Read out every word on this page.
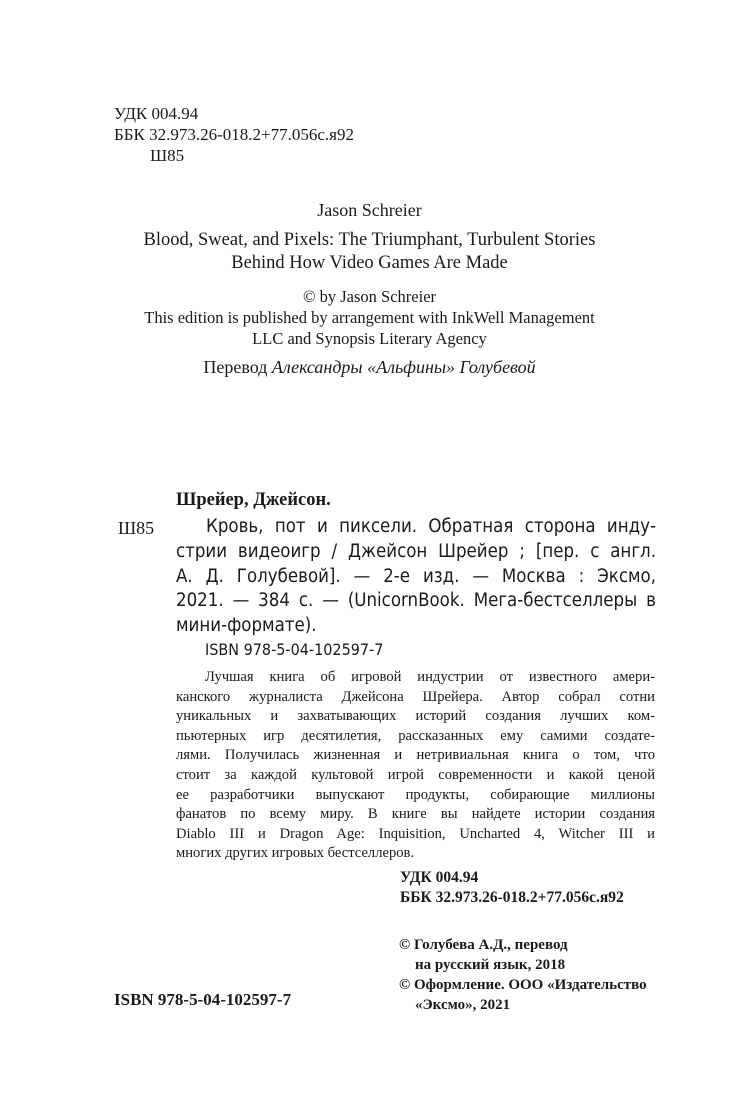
УДК 004.94
ББК 32.973.26-018.2+77.056с.я92
Ш85
Jason Schreier
Blood, Sweat, and Pixels: The Triumphant, Turbulent Stories
Behind How Video Games Are Made
© by Jason Schreier
This edition is published by arrangement with InkWell Management
LLC and Synopsis Literary Agency
Перевод Александры «Альфины» Голубевой
Шрейер, Джейсон.
Ш85	Кровь, пот и пиксели. Обратная сторона инду-
стрии видеоигр / Джейсон Шрейер ; [пер. с англ.
А. Д. Голубевой]. — 2-е изд. — Москва : Эксмо,
2021. — 384 с. — (UnicornBook. Мега-бестселлеры в
мини-формате).
ISBN 978-5-04-102597-7
Лучшая книга об игровой индустрии от известного амери-
канского журналиста Джейсона Шрейера. Автор собрал сотни
уникальных и захватывающих историй создания лучших ком-
пьютерных игр десятилетия, рассказанных ему самими создате-
лями. Получилась жизненная и нетривиальная книга о том, что
стоит за каждой культовой игрой современности и какой ценой
ее разработчики выпускают продукты, собирающие миллионы
фанатов по всему миру. В книге вы найдете истории создания
Diablo III и Dragon Age: Inquisition, Uncharted 4, Witcher III и
многих других игровых бестселлеров.
УДК 004.94
ББК 32.973.26-018.2+77.056с.я92
© Голубева А.Д., перевод
на русский язык, 2018
© Оформление. ООО «Издательство
«Эксмо», 2021
ISBN 978-5-04-102597-7
